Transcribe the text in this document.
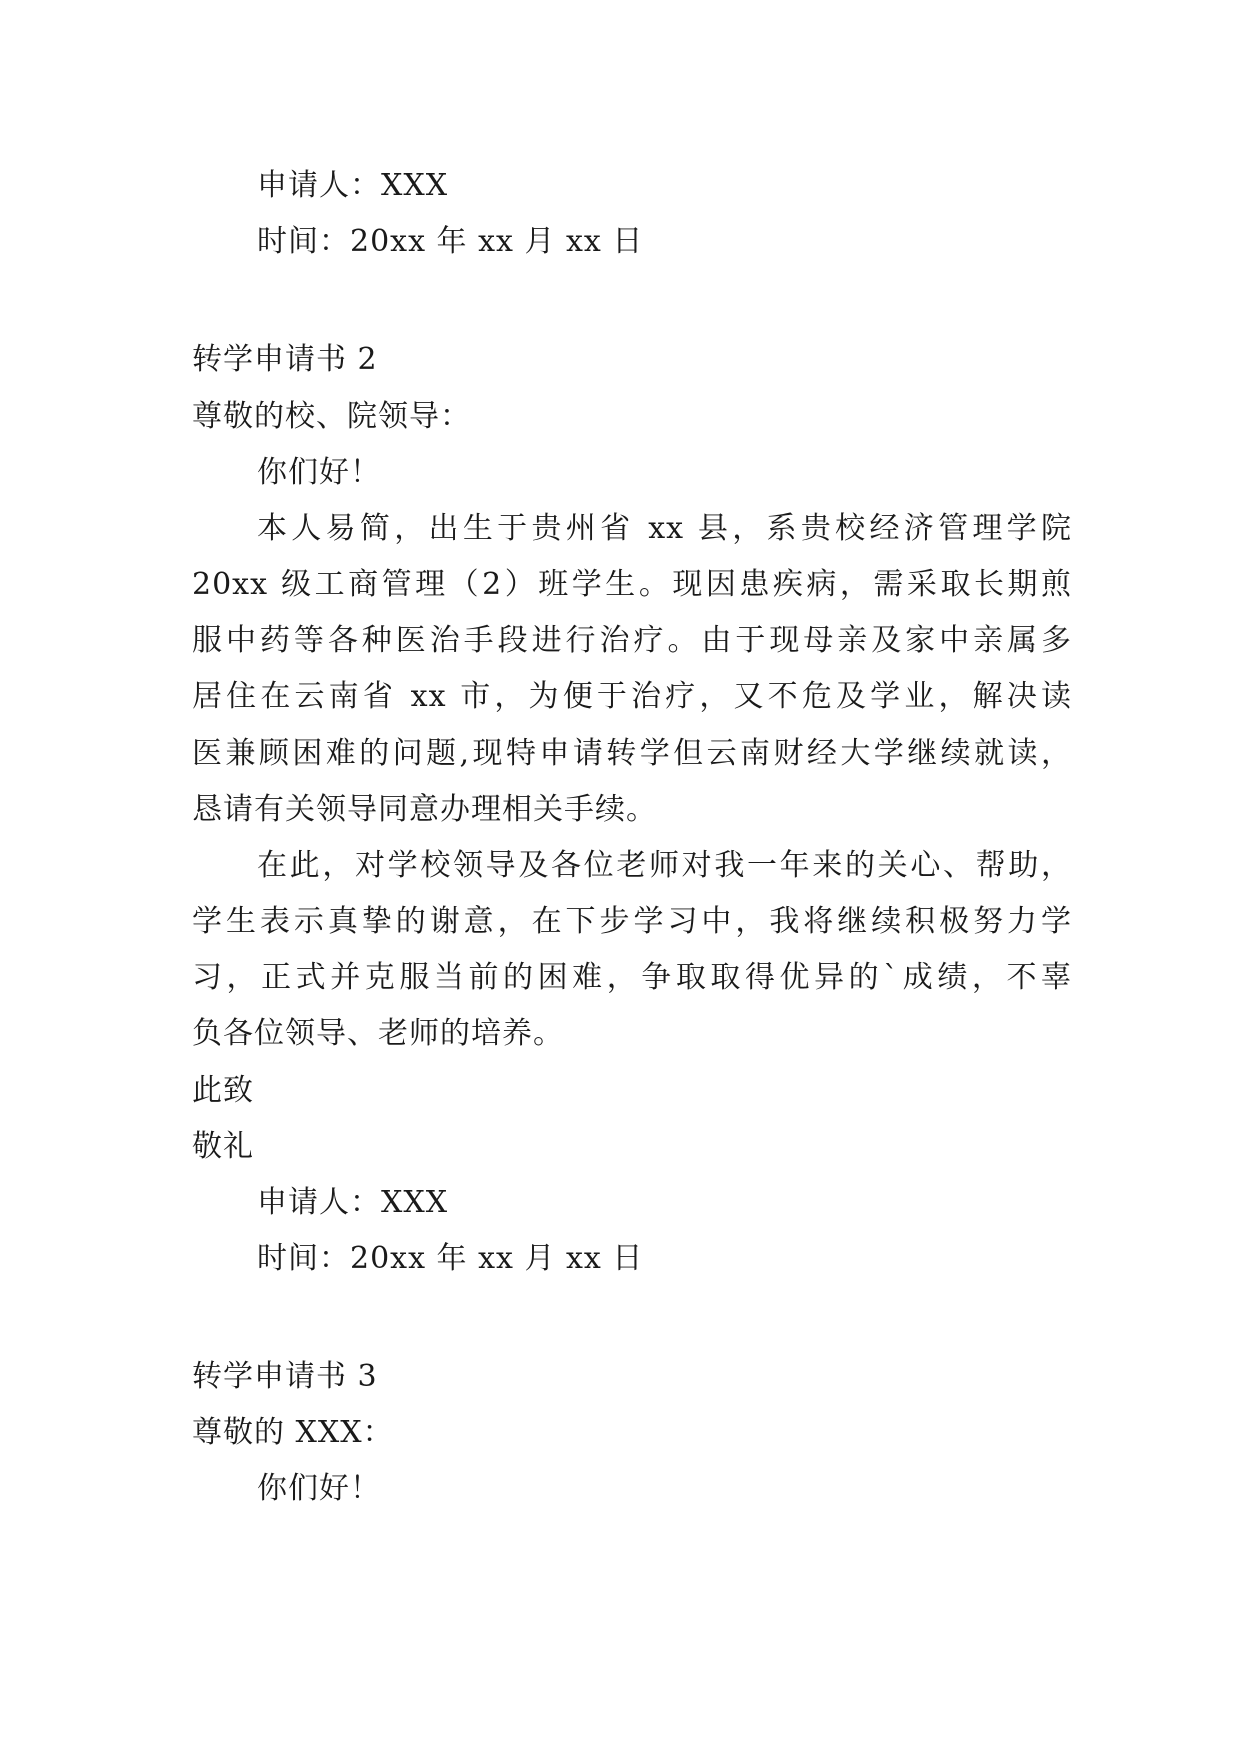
申请人：XXX
时间：20xx 年 xx 月 xx 日
转学申请书 2
尊敬的校、院领导：
你们好！
本人易简，出生于贵州省 xx 县，系贵校经济管理学院
20xx 级工商管理（2）班学生。现因患疾病，需采取长期煎
服中药等各种医治手段进行治疗。由于现母亲及家中亲属多
居住在云南省 xx 市，为便于治疗，又不危及学业，解决读
医兼顾困难的问题,现特申请转学但云南财经大学继续就读，
恳请有关领导同意办理相关手续。
在此，对学校领导及各位老师对我一年来的关心、帮助，
学生表示真挚的谢意，在下步学习中，我将继续积极努力学
习，正式并克服当前的困难，争取取得优异的`成绩，不辜
负各位领导、老师的培养。
此致
敬礼
申请人：XXX
时间：20xx 年 xx 月 xx 日
转学申请书 3
尊敬的 XXX：
你们好！
